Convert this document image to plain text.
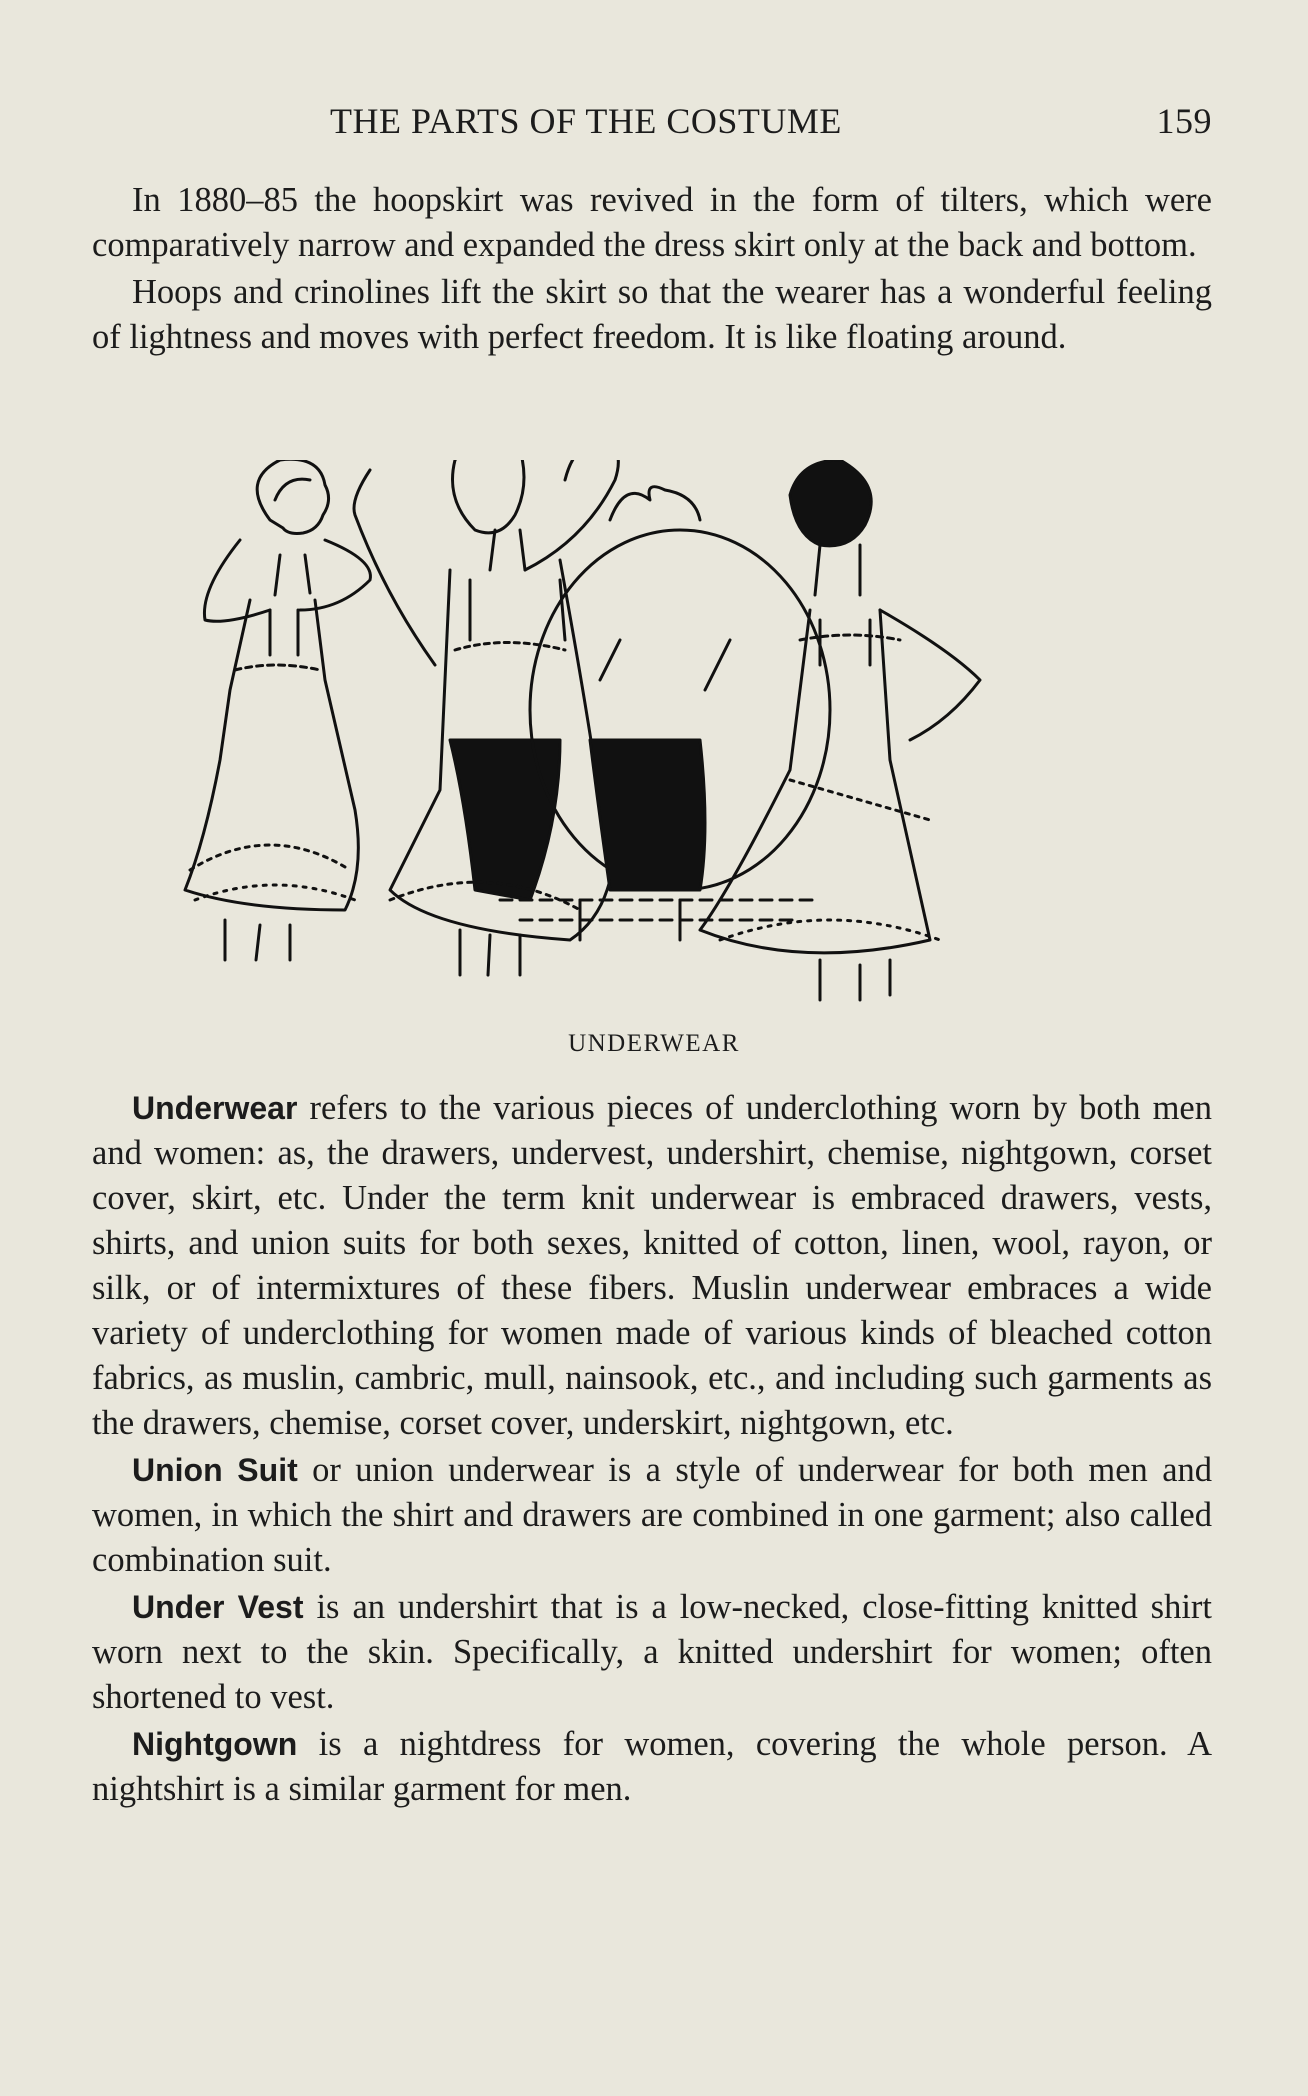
THE PARTS OF THE COSTUME	159

In 1880–85 the hoopskirt was revived in the form of tilters, which were comparatively narrow and expanded the dress skirt only at the back and bottom.

Hoops and crinolines lift the skirt so that the wearer has a wonderful feeling of lightness and moves with perfect freedom. It is like floating around.

UNDERWEAR

Underwear refers to the various pieces of underclothing worn by both men and women: as, the drawers, undervest, undershirt, chemise, nightgown, corset cover, skirt, etc. Under the term knit underwear is embraced drawers, vests, shirts, and union suits for both sexes, knitted of cotton, linen, wool, rayon, or silk, or of intermixtures of these fibers. Muslin underwear embraces a wide variety of underclothing for women made of various kinds of bleached cotton fabrics, as muslin, cambric, mull, nainsook, etc., and including such garments as the drawers, chemise, corset cover, underskirt, nightgown, etc.

Union Suit or union underwear is a style of underwear for both men and women, in which the shirt and drawers are combined in one garment; also called combination suit.

Under Vest is an undershirt that is a low-necked, close-fitting knitted shirt worn next to the skin. Specifically, a knitted undershirt for women; often shortened to vest.

Nightgown is a nightdress for women, covering the whole person. A nightshirt is a similar garment for men.
